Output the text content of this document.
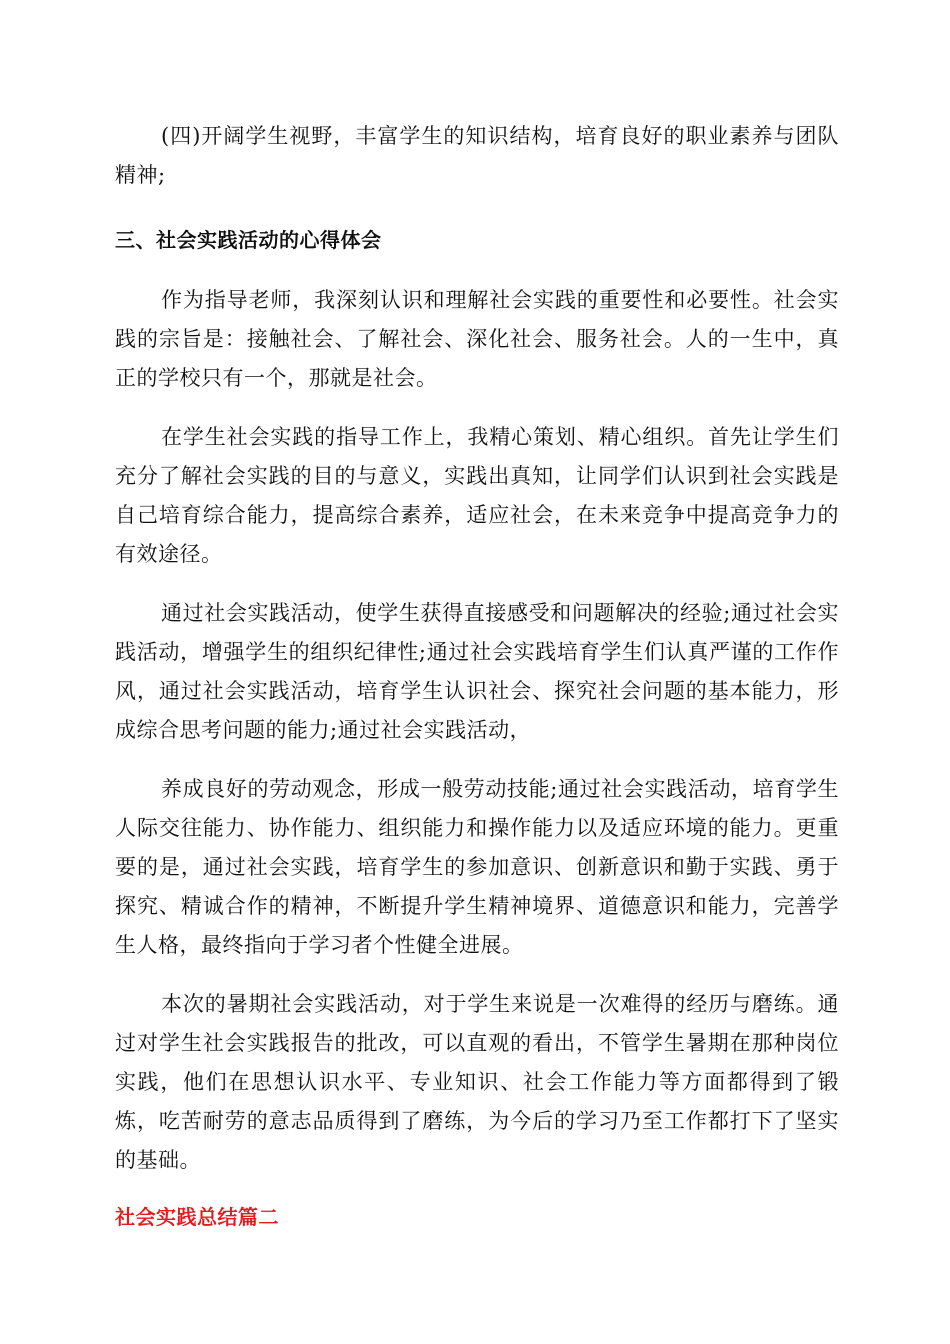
(四)开阔学生视野，丰富学生的知识结构，培育良好的职业素养与团队精神;

三、社会实践活动的心得体会

作为指导老师，我深刻认识和理解社会实践的重要性和必要性。社会实践的宗旨是：接触社会、了解社会、深化社会、服务社会。人的一生中，真正的学校只有一个，那就是社会。

在学生社会实践的指导工作上，我精心策划、精心组织。首先让学生们充分了解社会实践的目的与意义，实践出真知，让同学们认识到社会实践是自己培育综合能力，提高综合素养，适应社会，在未来竞争中提高竞争力的有效途径。

通过社会实践活动，使学生获得直接感受和问题解决的经验;通过社会实践活动，增强学生的组织纪律性;通过社会实践培育学生们认真严谨的工作作风，通过社会实践活动，培育学生认识社会、探究社会问题的基本能力，形成综合思考问题的能力;通过社会实践活动，

养成良好的劳动观念，形成一般劳动技能;通过社会实践活动，培育学生人际交往能力、协作能力、组织能力和操作能力以及适应环境的能力。更重要的是，通过社会实践，培育学生的参加意识、创新意识和勤于实践、勇于探究、精诚合作的精神，不断提升学生精神境界、道德意识和能力，完善学生人格，最终指向于学习者个性健全进展。

本次的暑期社会实践活动，对于学生来说是一次难得的经历与磨练。通过对学生社会实践报告的批改，可以直观的看出，不管学生暑期在那种岗位实践，他们在思想认识水平、专业知识、社会工作能力等方面都得到了锻炼，吃苦耐劳的意志品质得到了磨练，为今后的学习乃至工作都打下了坚实的基础。

社会实践总结篇二
